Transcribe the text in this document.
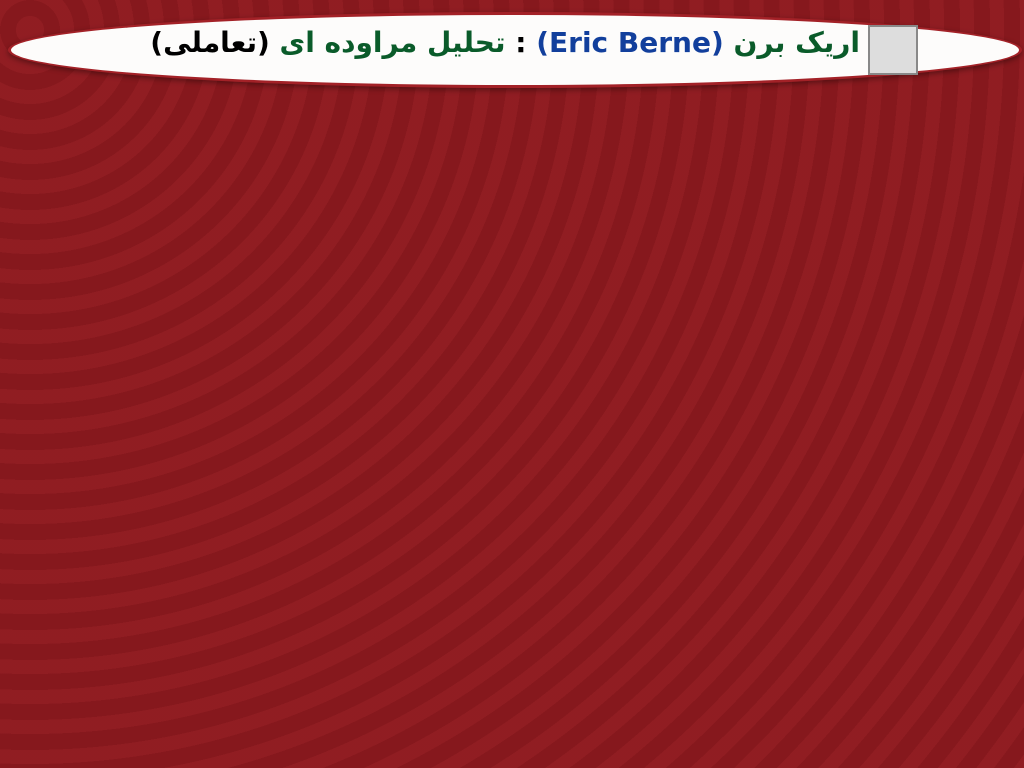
(تعاملی) تحلیل مراوده ای : (Eric Berne) اریک برن
